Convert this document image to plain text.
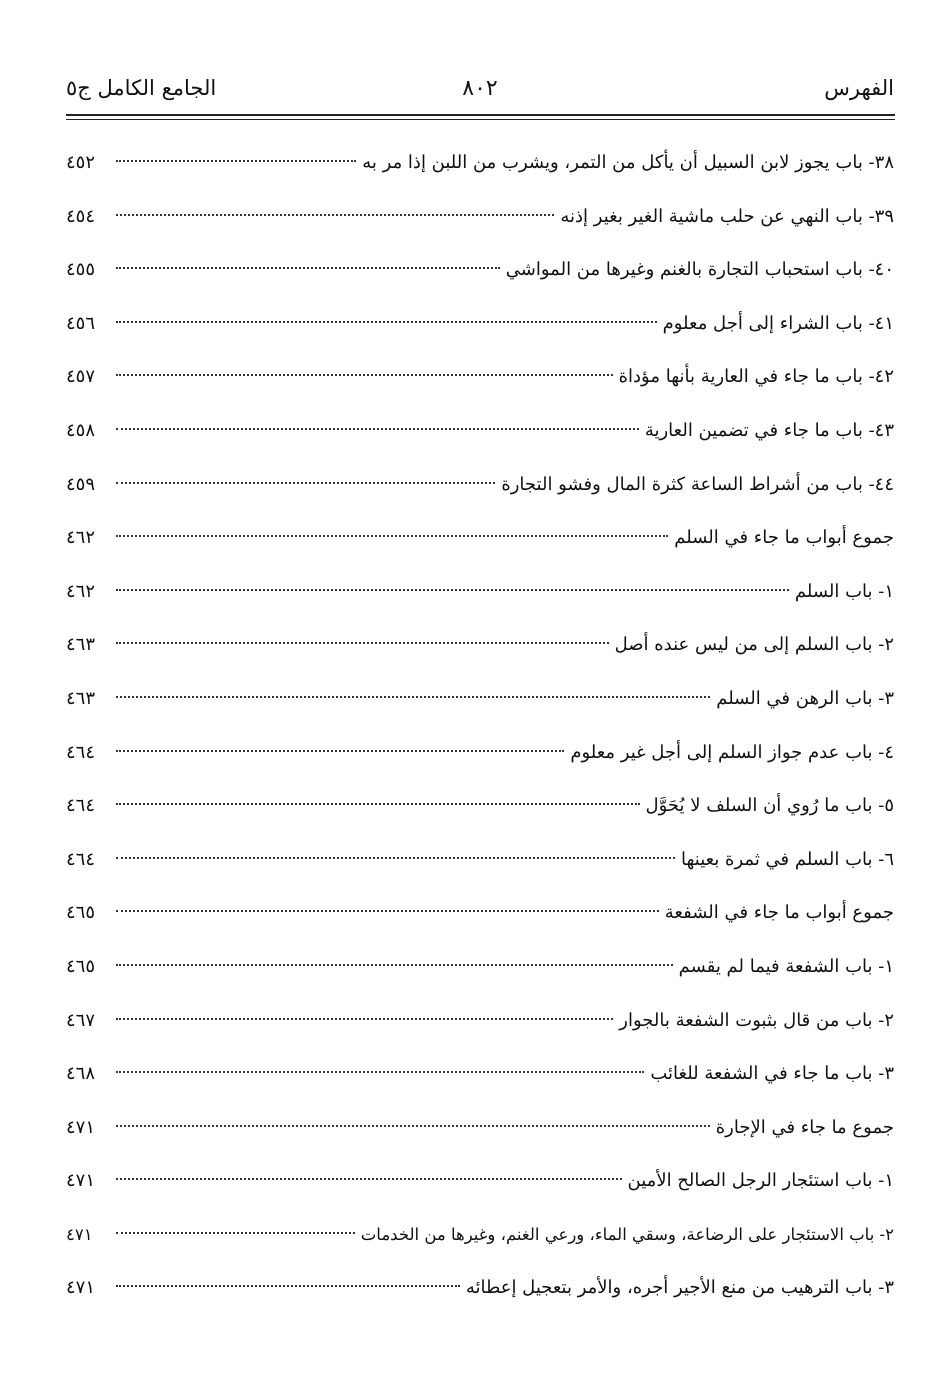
الفهرس
٨٠٢
الجامع الكامل ج٥
٣٨- باب يجوز لابن السبيل أن يأكل من التمر، ويشرب من اللبن إذا مر به
٤٥٢
٣٩- باب النهي عن حلب ماشية الغير بغير إذنه
٤٥٤
٤٠- باب استحباب التجارة بالغنم وغيرها من المواشي
٤٥٥
٤١- باب الشراء إلى أجل معلوم
٤٥٦
٤٢- باب ما جاء في العارية بأنها مؤداة
٤٥٧
٤٣- باب ما جاء في تضمين العارية
٤٥٨
٤٤- باب من أشراط الساعة كثرة المال وفشو التجارة
٤٥٩
جموع أبواب ما جاء في السلم
٤٦٢
١- باب السلم
٤٦٢
٢- باب السلم إلى من ليس عنده أصل
٤٦٣
٣- باب الرهن في السلم
٤٦٣
٤- باب عدم جواز السلم إلى أجل غير معلوم
٤٦٤
٥- باب ما رُوي أن السلف لا يُحَوَّل
٤٦٤
٦- باب السلم في ثمرة بعينها
٤٦٤
جموع أبواب ما جاء في الشفعة
٤٦٥
١- باب الشفعة فيما لم يقسم
٤٦٥
٢- باب من قال بثبوت الشفعة بالجوار
٤٦٧
٣- باب ما جاء في الشفعة للغائب
٤٦٨
جموع ما جاء في الإجارة
٤٧١
١- باب استئجار الرجل الصالح الأمين
٤٧١
٢- باب الاستئجار على الرضاعة، وسقي الماء، ورعي الغنم، وغيرها من الخدمات
٤٧١
٣- باب الترهيب من منع الأجير أجره، والأمر بتعجيل إعطائه
٤٧١
